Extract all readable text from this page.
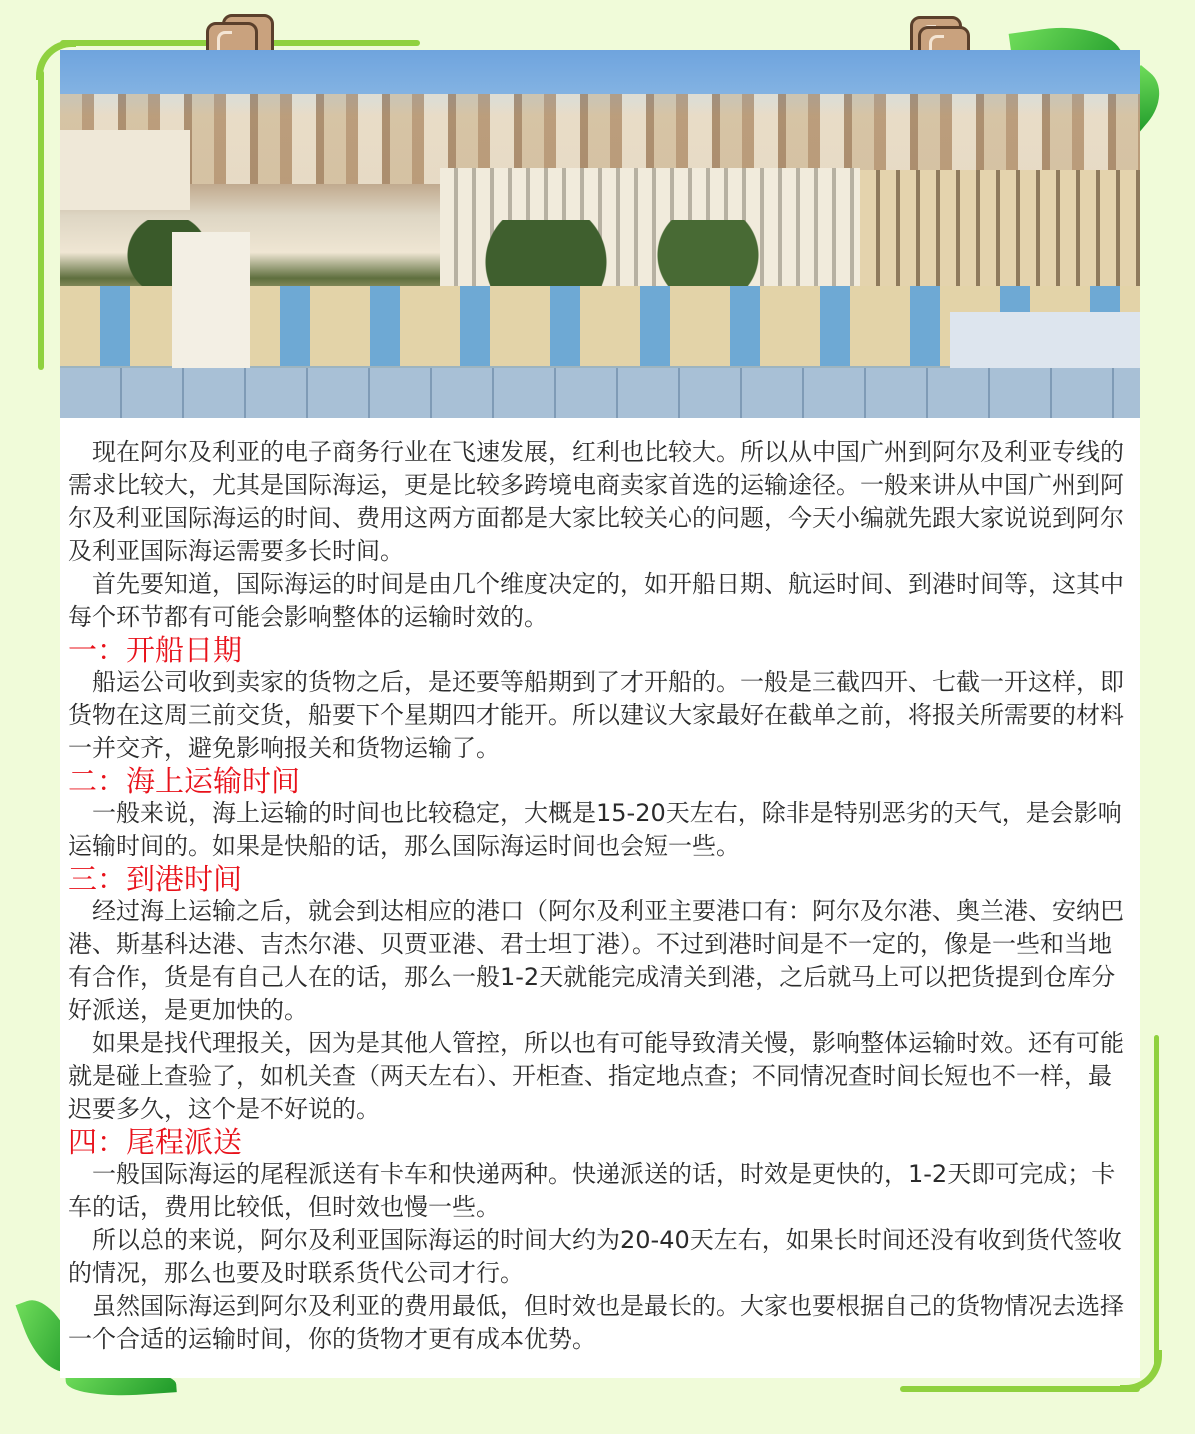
现在阿尔及利亚的电子商务行业在飞速发展，红利也比较大。所以从中国广州到阿尔及利亚专线的需求比较大，尤其是国际海运，更是比较多跨境电商卖家首选的运输途径。一般来讲从中国广州到阿尔及利亚国际海运的时间、费用这两方面都是大家比较关心的问题，今天小编就先跟大家说说到阿尔及利亚国际海运需要多长时间。

首先要知道，国际海运的时间是由几个维度决定的，如开船日期、航运时间、到港时间等，这其中每个环节都有可能会影响整体的运输时效的。

一：开船日期

船运公司收到卖家的货物之后，是还要等船期到了才开船的。一般是三截四开、七截一开这样，即货物在这周三前交货，船要下个星期四才能开。所以建议大家最好在截单之前，将报关所需要的材料一并交齐，避免影响报关和货物运输了。

二：海上运输时间

一般来说，海上运输的时间也比较稳定，大概是15-20天左右，除非是特别恶劣的天气，是会影响运输时间的。如果是快船的话，那么国际海运时间也会短一些。

三：到港时间

经过海上运输之后，就会到达相应的港口（阿尔及利亚主要港口有：阿尔及尔港、奥兰港、安纳巴港、斯基科达港、吉杰尔港、贝贾亚港、君士坦丁港）。不过到港时间是不一定的，像是一些和当地有合作，货是有自己人在的话，那么一般1-2天就能完成清关到港，之后就马上可以把货提到仓库分好派送，是更加快的。

如果是找代理报关，因为是其他人管控，所以也有可能导致清关慢，影响整体运输时效。还有可能就是碰上查验了，如机关查（两天左右）、开柜查、指定地点查；不同情况查时间长短也不一样，最迟要多久，这个是不好说的。

四：尾程派送

一般国际海运的尾程派送有卡车和快递两种。快递派送的话，时效是更快的，1-2天即可完成；卡车的话，费用比较低，但时效也慢一些。

所以总的来说，阿尔及利亚国际海运的时间大约为20-40天左右，如果长时间还没有收到货代签收的情况，那么也要及时联系货代公司才行。

虽然国际海运到阿尔及利亚的费用最低，但时效也是最长的。大家也要根据自己的货物情况去选择一个合适的运输时间，你的货物才更有成本优势。
